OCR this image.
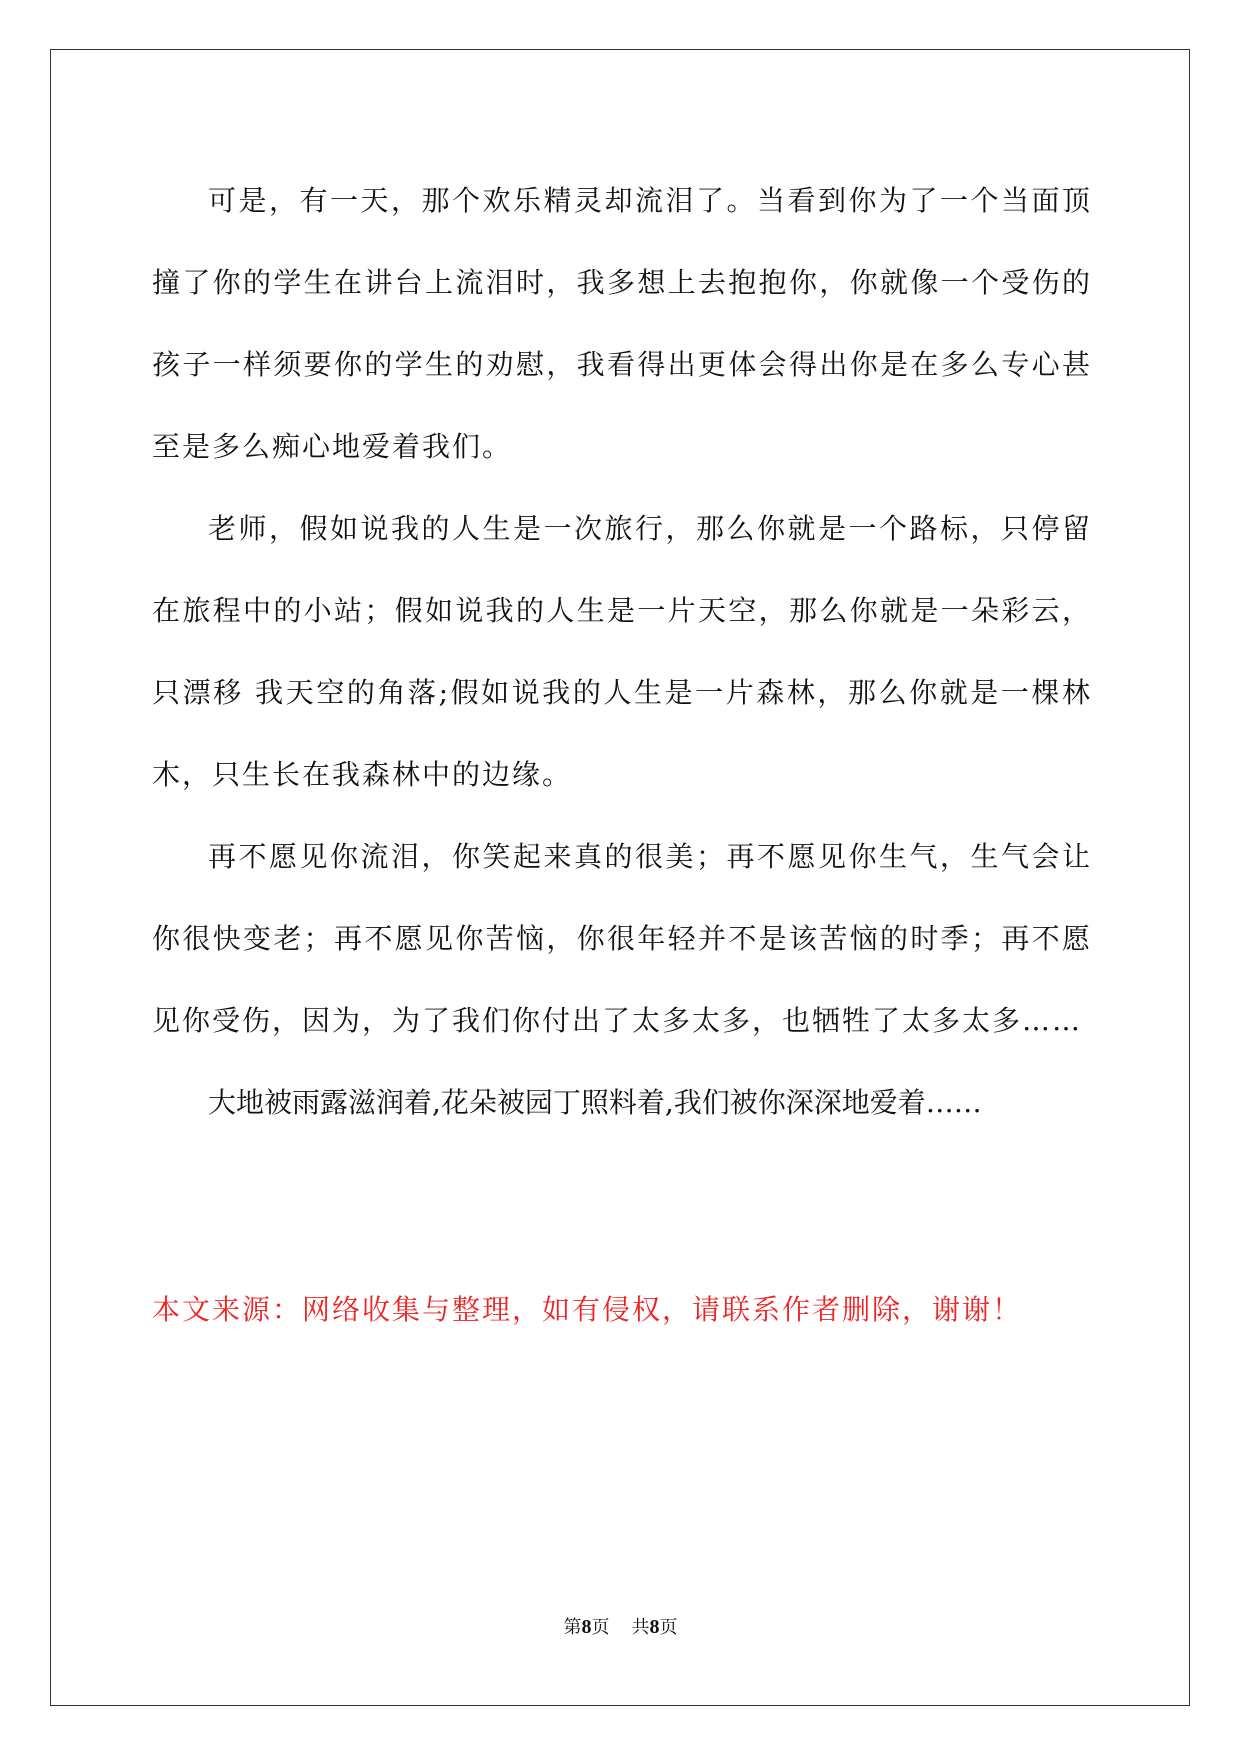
可是，有一天，那个欢乐精灵却流泪了。当看到你为了一个当面顶撞了你的学生在讲台上流泪时，我多想上去抱抱你，你就像一个受伤的孩子一样须要你的学生的劝慰，我看得出更体会得出你是在多么专心甚至是多么痴心地爱着我们。

老师，假如说我的人生是一次旅行，那么你就是一个路标，只停留在旅程中的小站；假如说我的人生是一片天空，那么你就是一朵彩云，只漂移 我天空的角落;假如说我的人生是一片森林，那么你就是一棵林木，只生长在我森林中的边缘。

再不愿见你流泪，你笑起来真的很美；再不愿见你生气，生气会让你很快变老；再不愿见你苦恼，你很年轻并不是该苦恼的时季；再不愿见你受伤，因为，为了我们你付出了太多太多，也牺牲了太多太多……

大地被雨露滋润着,花朵被园丁照料着,我们被你深深地爱着……

本文来源：网络收集与整理，如有侵权，请联系作者删除，谢谢！

第8页 共8页
